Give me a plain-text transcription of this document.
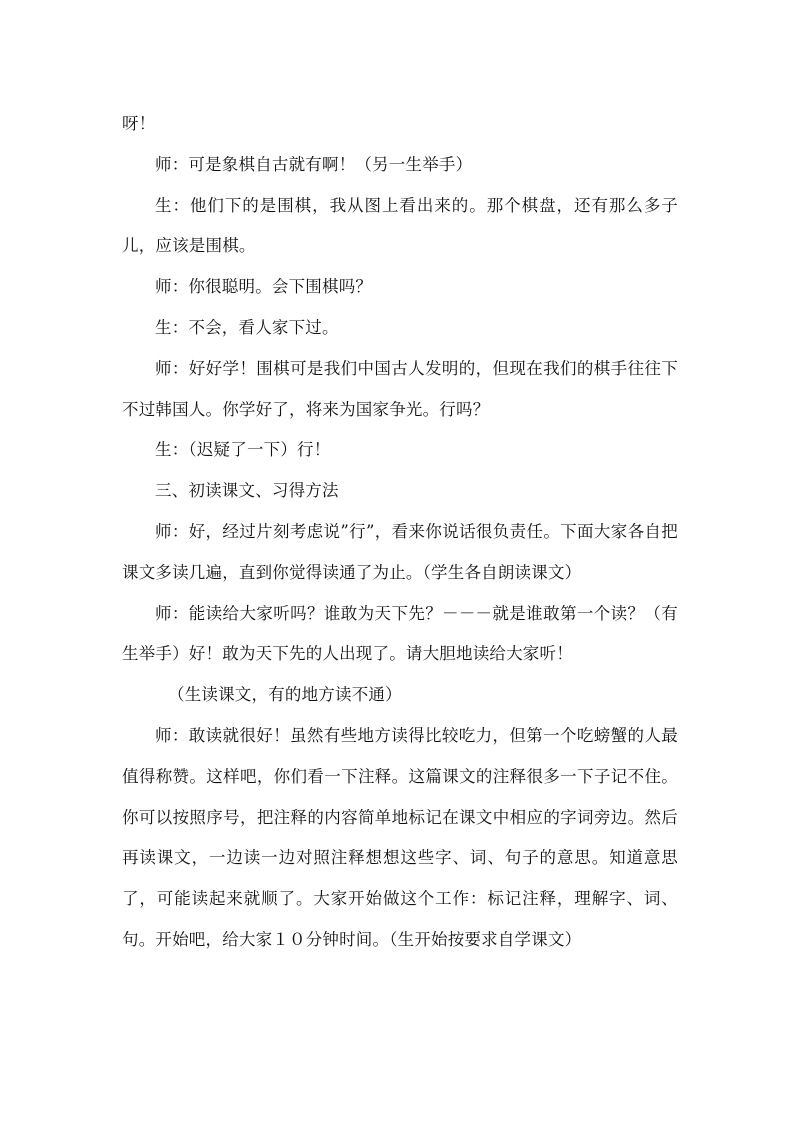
呀！

师：可是象棋自古就有啊！（另一生举手）

生：他们下的是围棋，我从图上看出来的。那个棋盘，还有那么多子儿，应该是围棋。

师：你很聪明。会下围棋吗？

生：不会，看人家下过。

师：好好学！围棋可是我们中国古人发明的，但现在我们的棋手往往下不过韩国人。你学好了，将来为国家争光。行吗？

生：（迟疑了一下）行！

三、初读课文、习得方法

师：好，经过片刻考虑说”行”，看来你说话很负责任。下面大家各自把课文多读几遍，直到你觉得读通了为止。（学生各自朗读课文）

师：能读给大家听吗？谁敢为天下先？－－－就是谁敢第一个读？（有生举手）好！敢为天下先的人出现了。请大胆地读给大家听！

（生读课文，有的地方读不通）

师：敢读就很好！虽然有些地方读得比较吃力，但第一个吃螃蟹的人最值得称赞。这样吧，你们看一下注释。这篇课文的注释很多一下子记不住。你可以按照序号，把注释的内容简单地标记在课文中相应的字词旁边。然后再读课文，一边读一边对照注释想想这些字、词、句子的意思。知道意思了，可能读起来就顺了。大家开始做这个工作：标记注释，理解字、词、句。开始吧，给大家１０分钟时间。（生开始按要求自学课文）
